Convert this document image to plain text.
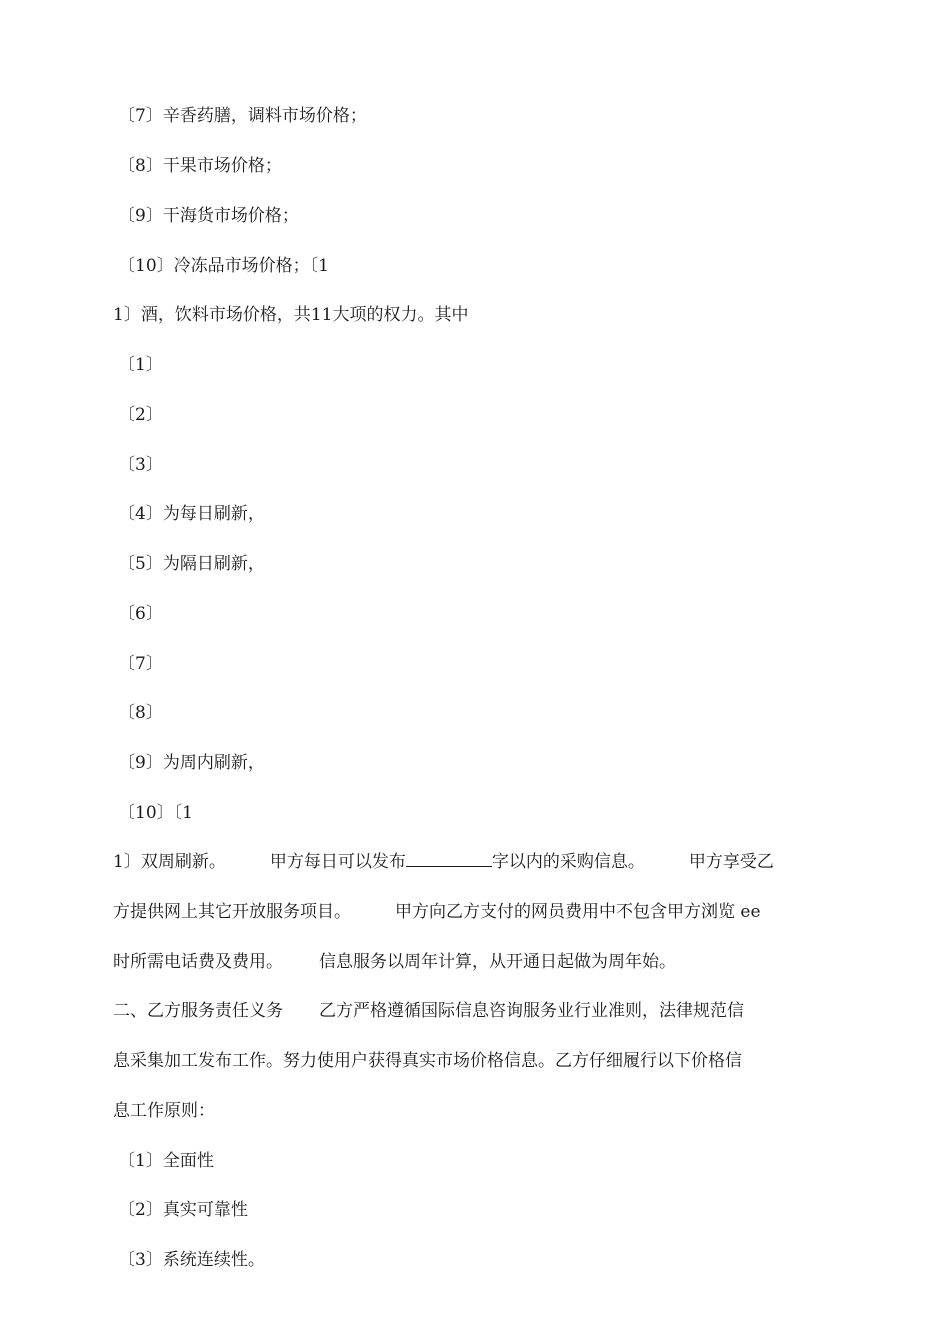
〔7〕辛香药膳，调料市场价格；
〔8〕干果市场价格；
〔9〕干海货市场价格；
〔10〕冷冻品市场价格；〔1
1〕酒，饮料市场价格，共11大项的权力。其中
〔1〕
〔2〕
〔3〕
〔4〕为每日刷新，
〔5〕为隔日刷新，
〔6〕
〔7〕
〔8〕
〔9〕为周内刷新，
〔10〕〔1
1〕双周刷新。	甲方每日可以发布	字以内的采购信息。	甲方享受乙
方提供网上其它开放服务项目。	甲方向乙方支付的网员费用中不包含甲方浏览 ee
时所需电话费及费用。 信息服务以周年计算，从开通日起做为周年始。
二、乙方服务责任义务 乙方严格遵循国际信息咨询服务业行业准则，法律规范信
息采集加工发布工作。努力使用户获得真实市场价格信息。乙方仔细履行以下价格信
息工作原则：
〔1〕全面性
〔2〕真实可靠性
〔3〕系统连续性。
